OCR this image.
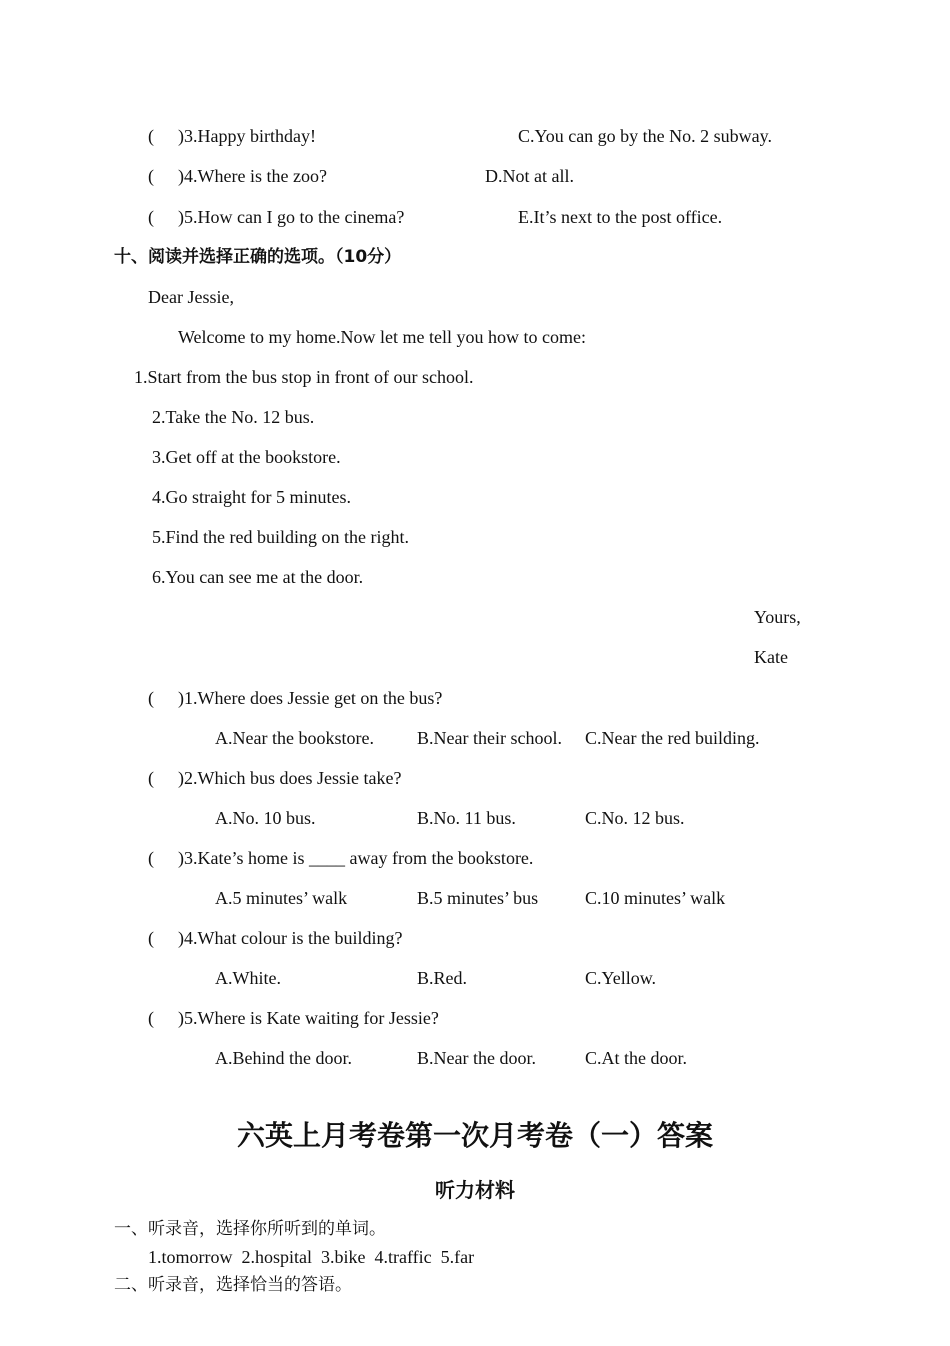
( )3.Happy birthday!	C.You can go by the No. 2 subway.
( )4.Where is the zoo?	D.Not at all.
( )5.How can I go to the cinema?	E.It’s next to the post office.
十、阅读并选择正确的选项。（10分）
Dear Jessie,
Welcome to my home.Now let me tell you how to come:
1.Start from the bus stop in front of our school.
2.Take the No. 12 bus.
3.Get off at the bookstore.
4.Go straight for 5 minutes.
5.Find the red building on the right.
6.You can see me at the door.
Yours,
Kate
( )1.Where does Jessie get on the bus?
A.Near the bookstore. B.Near their school. C.Near the red building.
( )2.Which bus does Jessie take?
A.No. 10 bus.	B.No. 11 bus.	C.No. 12 bus.
( )3.Kate’s home is ____ away from the bookstore.
A.5 minutes’ walk	B.5 minutes’ bus	C.10 minutes’ walk
( )4.What colour is the building?
A.White.	B.Red.	C.Yellow.
( )5.Where is Kate waiting for Jessie?
A.Behind the door.	B.Near the door.	C.At the door.
六英上月考卷第一次月考卷（一）答案
听力材料
一、听录音，选择你所听到的单词。
1.tomorrow  2.hospital  3.bike  4.traffic  5.far
二、听录音，选择恰当的答语。
